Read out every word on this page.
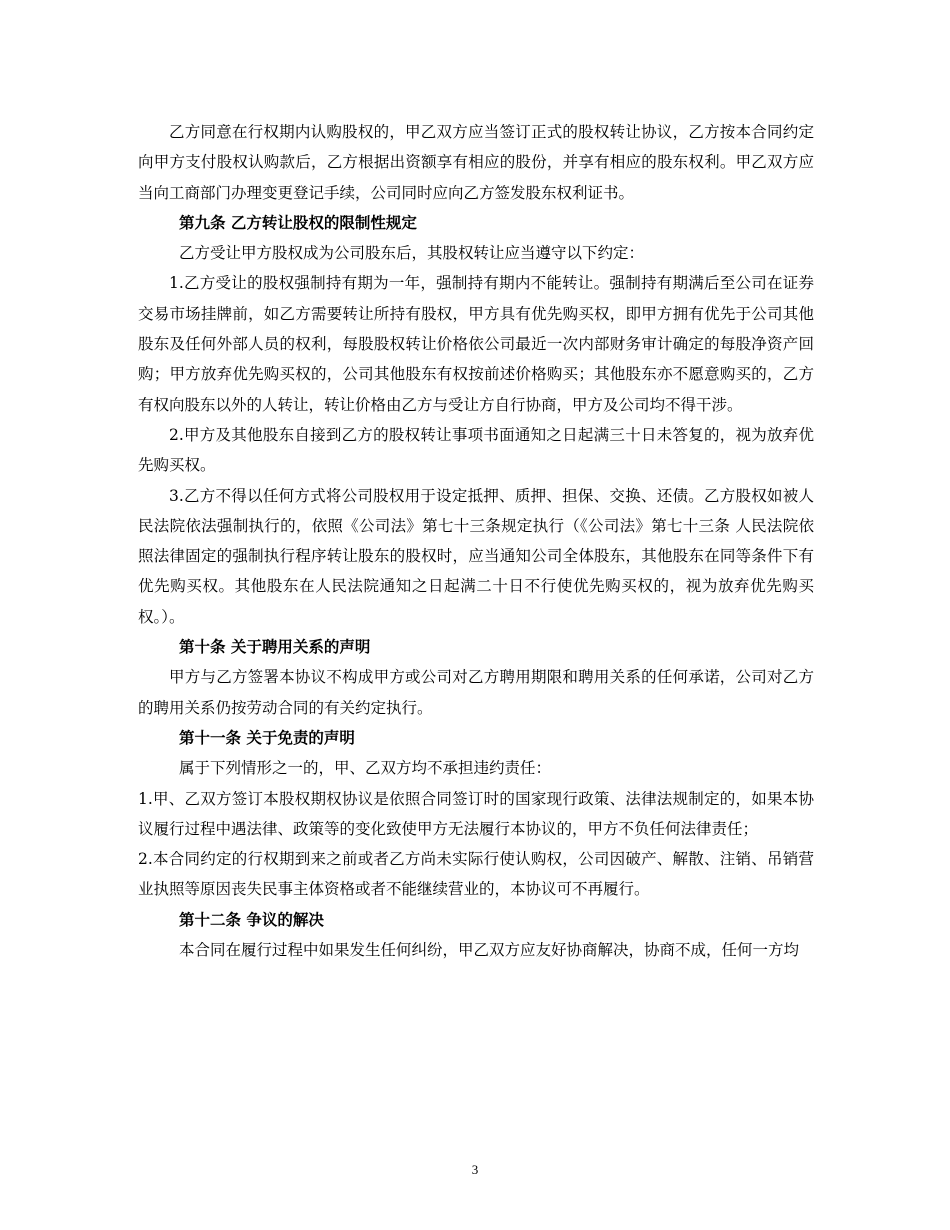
乙方同意在行权期内认购股权的，甲乙双方应当签订正式的股权转让协议，乙方按本合同约定向甲方支付股权认购款后，乙方根据出资额享有相应的股份，并享有相应的股东权利。甲乙双方应当向工商部门办理变更登记手续，公司同时应向乙方签发股东权利证书。

第九条 乙方转让股权的限制性规定

乙方受让甲方股权成为公司股东后，其股权转让应当遵守以下约定：

1.乙方受让的股权强制持有期为一年，强制持有期内不能转让。强制持有期满后至公司在证券交易市场挂牌前，如乙方需要转让所持有股权，甲方具有优先购买权，即甲方拥有优先于公司其他股东及任何外部人员的权利，每股股权转让价格依公司最近一次内部财务审计确定的每股净资产回购；甲方放弃优先购买权的，公司其他股东有权按前述价格购买；其他股东亦不愿意购买的，乙方有权向股东以外的人转让，转让价格由乙方与受让方自行协商，甲方及公司均不得干涉。

2.甲方及其他股东自接到乙方的股权转让事项书面通知之日起满三十日未答复的，视为放弃优先购买权。

3.乙方不得以任何方式将公司股权用于设定抵押、质押、担保、交换、还债。乙方股权如被人民法院依法强制执行的，依照《公司法》第七十三条规定执行（《公司法》第七十三条 人民法院依照法律固定的强制执行程序转让股东的股权时，应当通知公司全体股东，其他股东在同等条件下有优先购买权。其他股东在人民法院通知之日起满二十日不行使优先购买权的，视为放弃优先购买权。）。

第十条 关于聘用关系的声明

甲方与乙方签署本协议不构成甲方或公司对乙方聘用期限和聘用关系的任何承诺，公司对乙方的聘用关系仍按劳动合同的有关约定执行。

第十一条 关于免责的声明

属于下列情形之一的，甲、乙双方均不承担违约责任：

1.甲、乙双方签订本股权期权协议是依照合同签订时的国家现行政策、法律法规制定的，如果本协议履行过程中遇法律、政策等的变化致使甲方无法履行本协议的，甲方不负任何法律责任；

2.本合同约定的行权期到来之前或者乙方尚未实际行使认购权，公司因破产、解散、注销、吊销营业执照等原因丧失民事主体资格或者不能继续营业的，本协议可不再履行。

第十二条 争议的解决

本合同在履行过程中如果发生任何纠纷，甲乙双方应友好协商解决，协商不成，任何一方均

3
